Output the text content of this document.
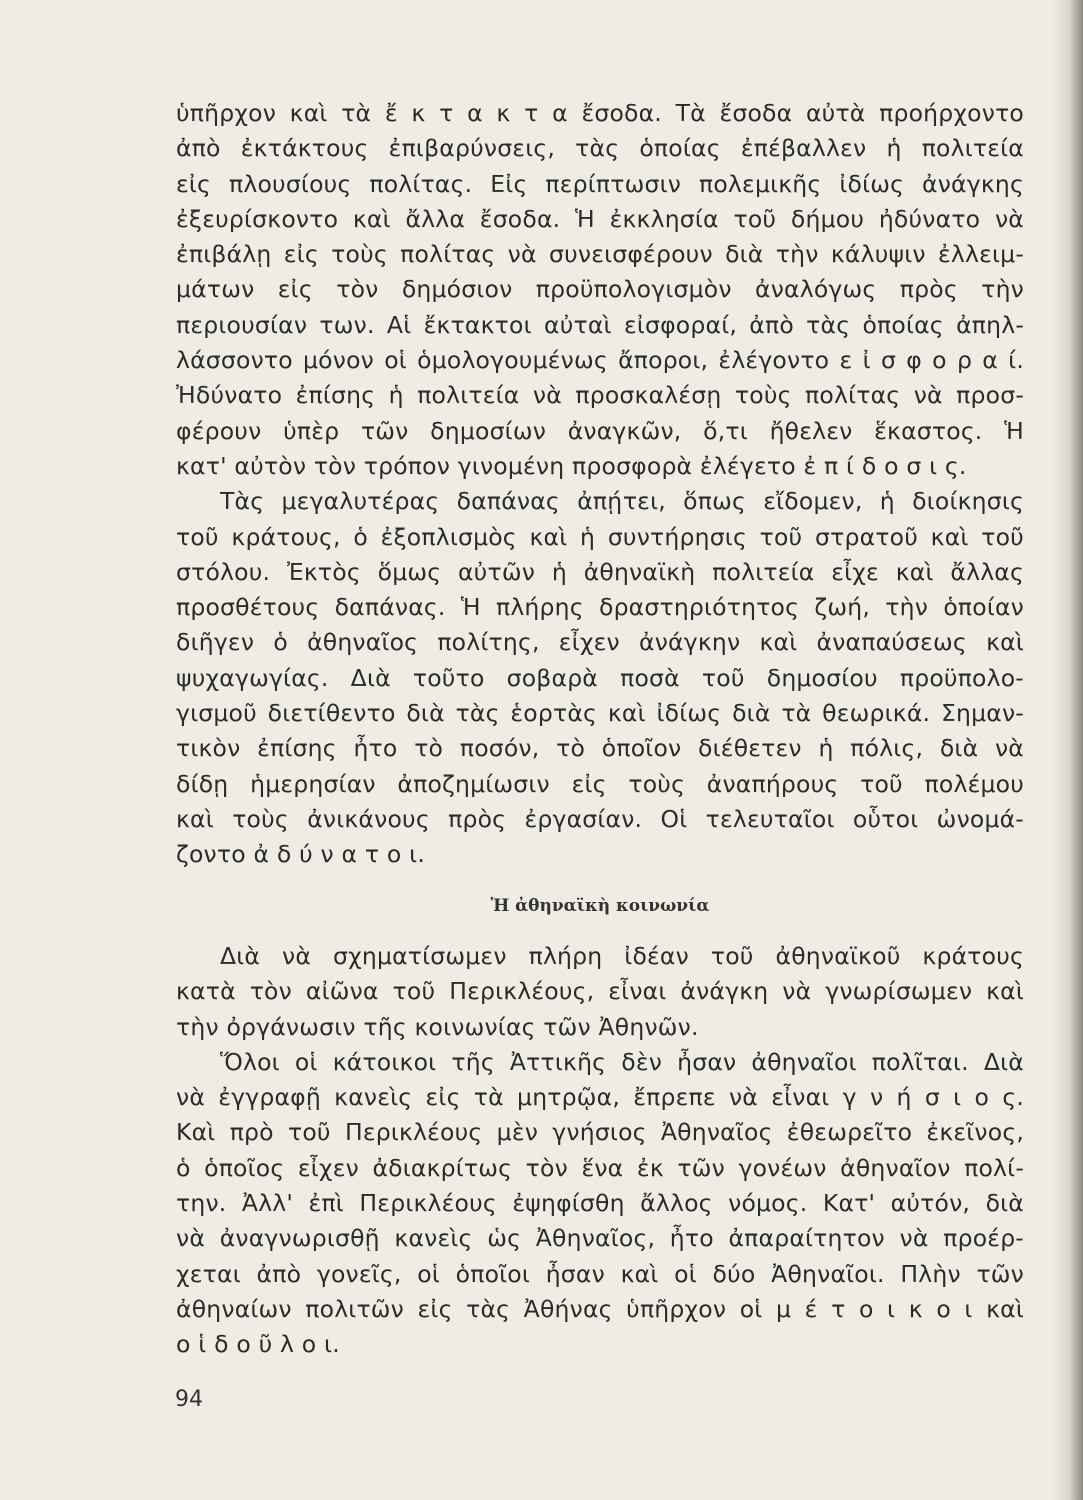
ὑπῆρχον καὶ τὰ ἔ κ τ α κ τ α ἔσοδα. Τὰ ἔσοδα αὐτὰ προήρχοντο
ἀπὸ ἐκτάκτους ἐπιβαρύνσεις, τὰς ὁποίας ἐπέβαλλεν ἡ πολιτεία
εἰς πλουσίους πολίτας. Εἰς περίπτωσιν πολεμικῆς ἰδίως ἀνάγκης
ἐξευρίσκοντο καὶ ἄλλα ἔσοδα. Ἡ ἐκκλησία τοῦ δήμου ἠδύνατο νὰ
ἐπιβάλῃ εἰς τοὺς πολίτας νὰ συνεισφέρουν διὰ τὴν κάλυψιν ἐλλειμ-
μάτων εἰς τὸν δημόσιον προϋπολογισμὸν ἀναλόγως πρὸς τὴν
περιουσίαν των. Αἱ ἔκτακτοι αὐταὶ εἰσφοραί, ἀπὸ τὰς ὁποίας ἀπηλ-
λάσσοντο μόνον οἱ ὁμολογουμένως ἄποροι, ἐλέγοντο ε ἰ σ φ ο ρ α ί.
Ἠδύνατο ἐπίσης ἡ πολιτεία νὰ προσκαλέσῃ τοὺς πολίτας νὰ προσ-
φέρουν ὑπὲρ τῶν δημοσίων ἀναγκῶν, ὅ,τι ἤθελεν ἕκαστος. Ἡ
κατ' αὐτὸν τὸν τρόπον γινομένη προσφορὰ ἐλέγετο ἐ π ί δ ο σ ι ς.
Τὰς μεγαλυτέρας δαπάνας ἀπῄτει, ὅπως εἴδομεν, ἡ διοίκησις
τοῦ κράτους, ὁ ἐξοπλισμὸς καὶ ἡ συντήρησις τοῦ στρατοῦ καὶ τοῦ
στόλου. Ἐκτὸς ὅμως αὐτῶν ἡ ἀθηναϊκὴ πολιτεία εἶχε καὶ ἄλλας
προσθέτους δαπάνας. Ἡ πλήρης δραστηριότητος ζωή, τὴν ὁποίαν
διῆγεν ὁ ἀθηναῖος πολίτης, εἶχεν ἀνάγκην καὶ ἀναπαύσεως καὶ
ψυχαγωγίας. Διὰ τοῦτο σοβαρὰ ποσὰ τοῦ δημοσίου προϋπολο-
γισμοῦ διετίθεντο διὰ τὰς ἑορτὰς καὶ ἰδίως διὰ τὰ θεωρικά. Σημαν-
τικὸν ἐπίσης ἦτο τὸ ποσόν, τὸ ὁποῖον διέθετεν ἡ πόλις, διὰ νὰ
δίδῃ ἡμερησίαν ἀποζημίωσιν εἰς τοὺς ἀναπήρους τοῦ πολέμου
καὶ τοὺς ἀνικάνους πρὸς ἐργασίαν. Οἱ τελευταῖοι οὗτοι ὠνομά-
ζοντο ἀ δ ύ ν α τ ο ι.
Ἡ ἀθηναϊκὴ κοινωνία
Διὰ νὰ σχηματίσωμεν πλήρη ἰδέαν τοῦ ἀθηναϊκοῦ κράτους
κατὰ τὸν αἰῶνα τοῦ Περικλέους, εἶναι ἀνάγκη νὰ γνωρίσωμεν καὶ
τὴν ὀργάνωσιν τῆς κοινωνίας τῶν Ἀθηνῶν.
Ὅλοι οἱ κάτοικοι τῆς Ἀττικῆς δὲν ἦσαν ἀθηναῖοι πολῖται. Διὰ
νὰ ἐγγραφῇ κανεὶς εἰς τὰ μητρῷα, ἔπρεπε νὰ εἶναι γ ν ή σ ι ο ς.
Καὶ πρὸ τοῦ Περικλέους μὲν γνήσιος Ἀθηναῖος ἐθεωρεῖτο ἐκεῖνος,
ὁ ὁποῖος εἶχεν ἀδιακρίτως τὸν ἕνα ἐκ τῶν γονέων ἀθηναῖον πολί-
την. Ἀλλ' ἐπὶ Περικλέους ἐψηφίσθη ἄλλος νόμος. Κατ' αὐτόν, διὰ
νὰ ἀναγνωρισθῇ κανεὶς ὡς Ἀθηναῖος, ἦτο ἀπαραίτητον νὰ προέρ-
χεται ἀπὸ γονεῖς, οἱ ὁποῖοι ἦσαν καὶ οἱ δύο Ἀθηναῖοι. Πλὴν τῶν
ἀθηναίων πολιτῶν εἰς τὰς Ἀθήνας ὑπῆρχον οἱ μ έ τ ο ι κ ο ι καὶ
ο ἱ δ ο ῦ λ ο ι.
94
